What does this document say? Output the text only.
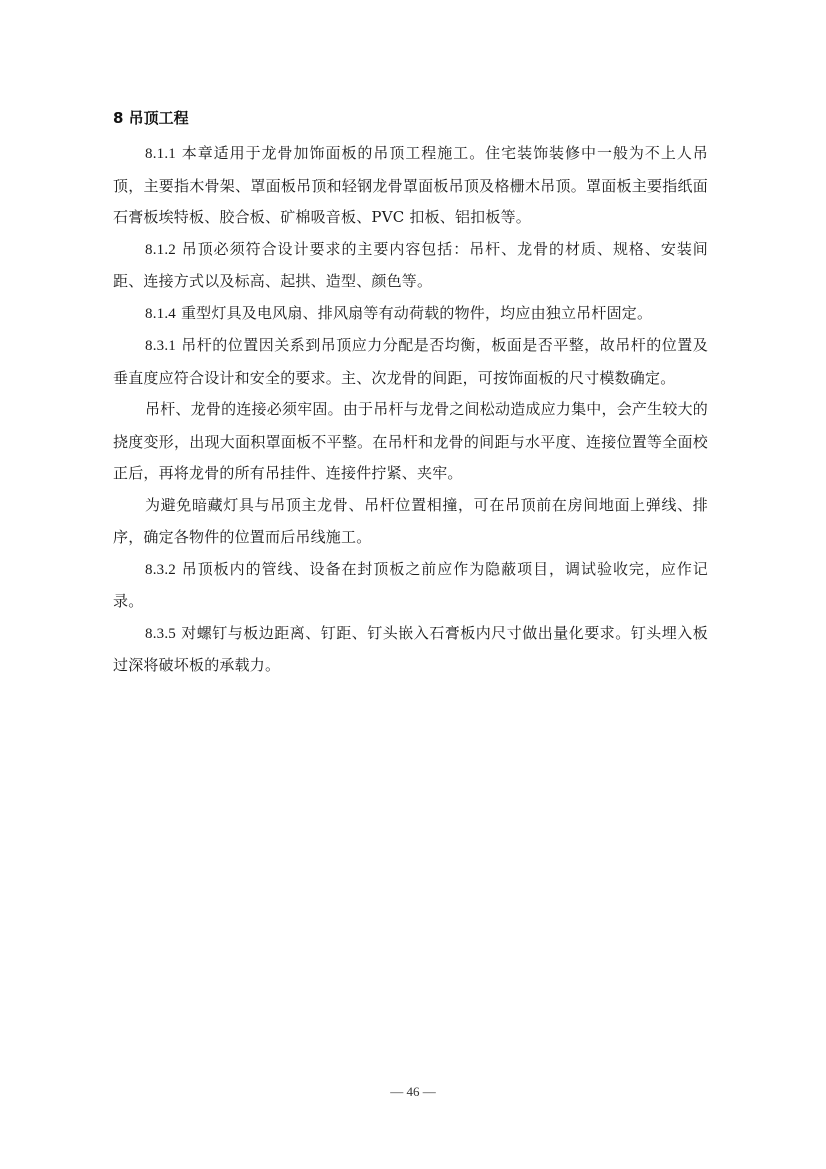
8 吊顶工程

8.1.1 本章适用于龙骨加饰面板的吊顶工程施工。住宅装饰装修中一般为不上人吊顶，主要指木骨架、罩面板吊顶和轻钢龙骨罩面板吊顶及格栅木吊顶。罩面板主要指纸面石膏板埃特板、胶合板、矿棉吸音板、PVC 扣板、铝扣板等。

8.1.2 吊顶必须符合设计要求的主要内容包括：吊杆、龙骨的材质、规格、安装间距、连接方式以及标高、起拱、造型、颜色等。

8.1.4 重型灯具及电风扇、排风扇等有动荷载的物件，均应由独立吊杆固定。

8.3.1 吊杆的位置因关系到吊顶应力分配是否均衡，板面是否平整，故吊杆的位置及垂直度应符合设计和安全的要求。主、次龙骨的间距，可按饰面板的尺寸模数确定。

吊杆、龙骨的连接必须牢固。由于吊杆与龙骨之间松动造成应力集中，会产生较大的挠度变形，出现大面积罩面板不平整。在吊杆和龙骨的间距与水平度、连接位置等全面校正后，再将龙骨的所有吊挂件、连接件拧紧、夹牢。

为避免暗藏灯具与吊顶主龙骨、吊杆位置相撞，可在吊顶前在房间地面上弹线、排序，确定各物件的位置而后吊线施工。

8.3.2 吊顶板内的管线、设备在封顶板之前应作为隐蔽项目，调试验收完，应作记录。

8.3.5 对螺钉与板边距离、钉距、钉头嵌入石膏板内尺寸做出量化要求。钉头埋入板过深将破坏板的承载力。

— 46 —
